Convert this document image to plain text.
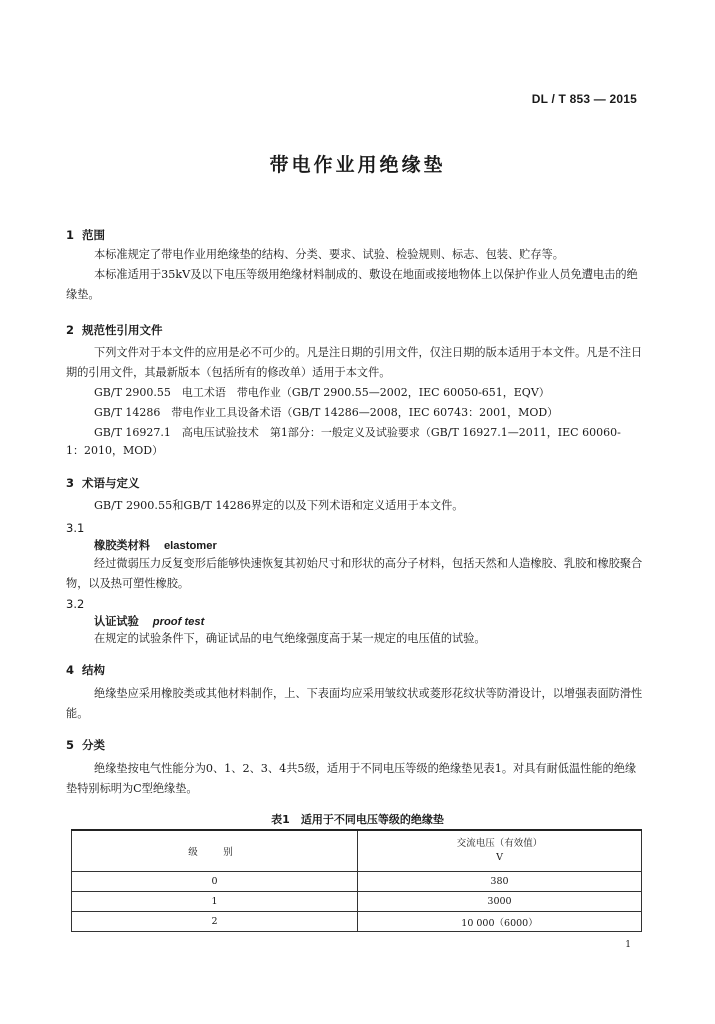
DL / T 853 — 2015
带电作业用绝缘垫
1 范围
本标准规定了带电作业用绝缘垫的结构、分类、要求、试验、检验规则、标志、包装、贮存等。
本标准适用于35kV及以下电压等级用绝缘材料制成的、敷设在地面或接地物体上以保护作业人员免遭电击的绝缘垫。
2 规范性引用文件
下列文件对于本文件的应用是必不可少的。凡是注日期的引用文件，仅注日期的版本适用于本文件。凡是不注日期的引用文件，其最新版本（包括所有的修改单）适用于本文件。
GB/T 2900.55　电工术语　带电作业（GB/T 2900.55—2002，IEC 60050-651，EQV）
GB/T 14286　带电作业工具设备术语（GB/T 14286—2008，IEC 60743：2001，MOD）
GB/T 16927.1　高电压试验技术　第1部分：一般定义及试验要求（GB/T 16927.1—2011，IEC 60060-
1：2010，MOD）
3 术语与定义
GB/T 2900.55和GB/T 14286界定的以及下列术语和定义适用于本文件。
3.1
橡胶类材料 elastomer
经过微弱压力反复变形后能够快速恢复其初始尺寸和形状的高分子材料，包括天然和人造橡胶、乳胶和橡胶聚合物，以及热可塑性橡胶。
3.2
认证试验 proof test
在规定的试验条件下，确证试品的电气绝缘强度高于某一规定的电压值的试验。
4 结构
绝缘垫应采用橡胶类或其他材料制作，上、下表面均应采用皱纹状或菱形花纹状等防滑设计，以增强表面防滑性能。
5 分类
绝缘垫按电气性能分为0、1、2、3、4共5级，适用于不同电压等级的绝缘垫见表1。对具有耐低温性能的绝缘垫特别标明为C型绝缘垫。
表1　适用于不同电压等级的绝缘垫
级　别	交流电压（有效值）
V
0	380
1	3000
2	10 000（6000）
1
